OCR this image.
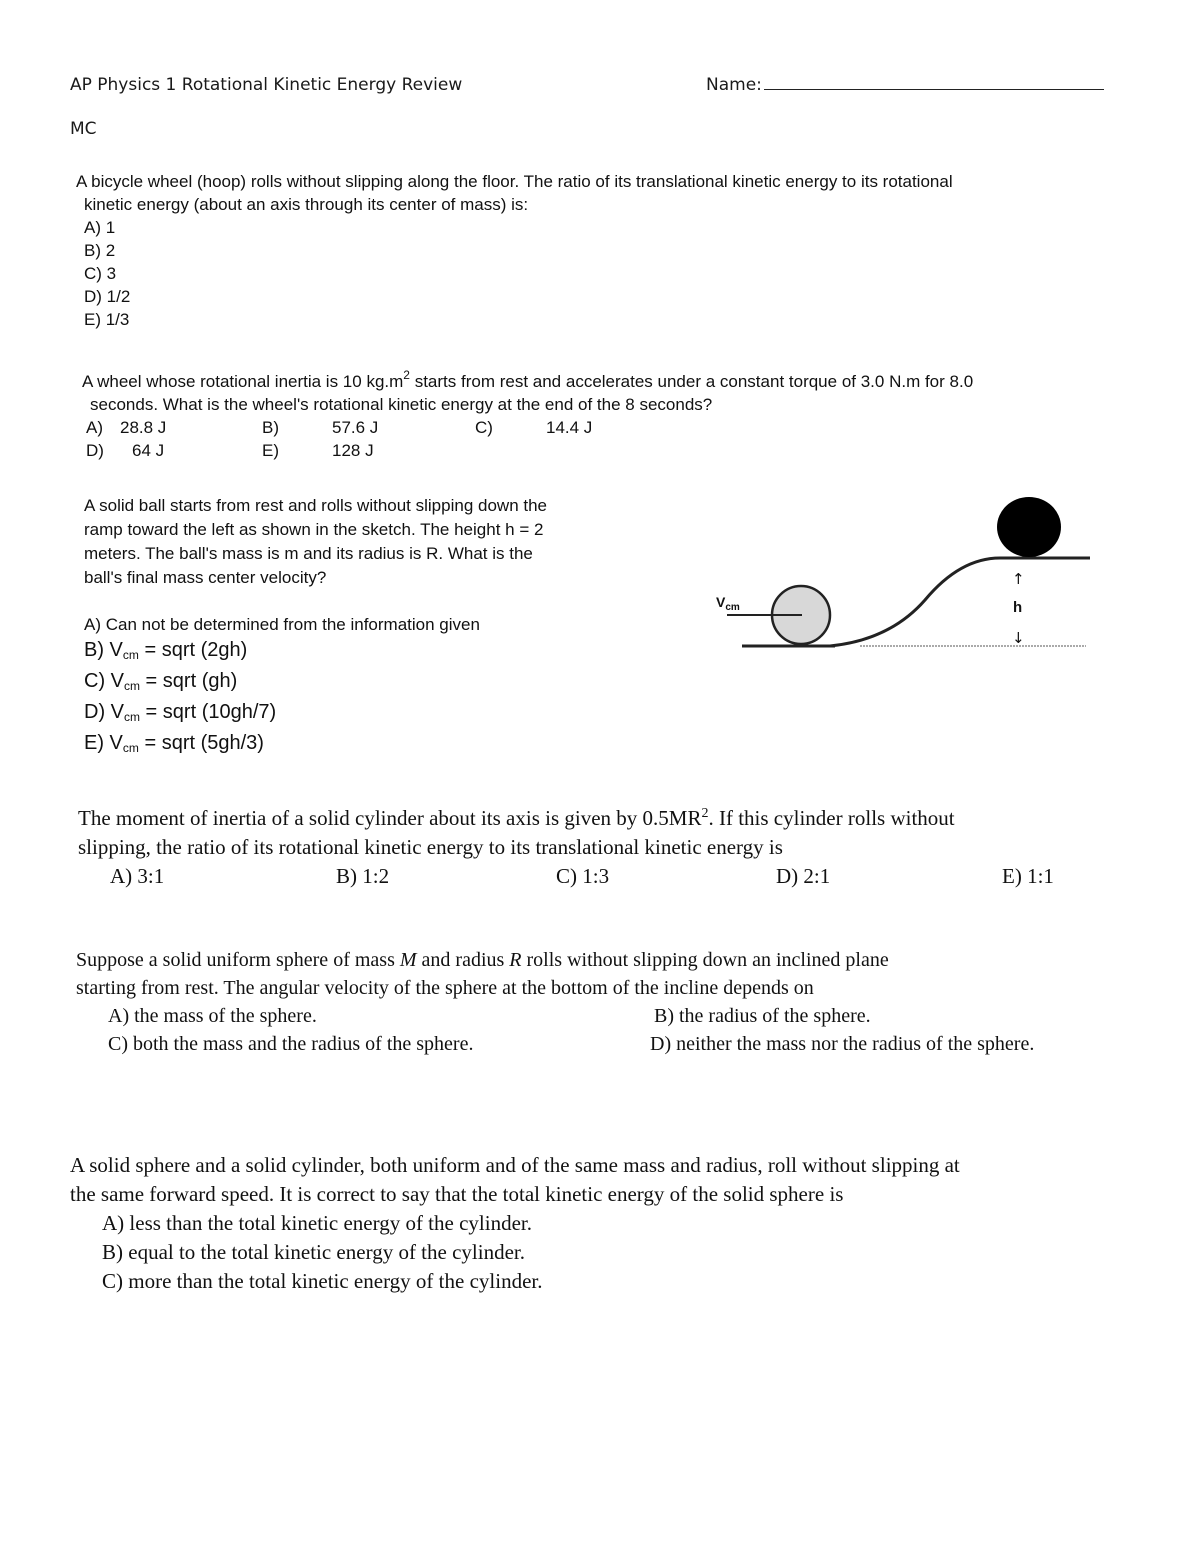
AP Physics 1 Rotational Kinetic Energy Review	Name:
MC
A bicycle wheel (hoop) rolls without slipping along the floor. The ratio of its translational kinetic energy to its rotational
kinetic energy (about an axis through its center of mass) is:
A) 1
B) 2
C) 3
D) 1/2
E) 1/3
A wheel whose rotational inertia is 10 $kg.m^2$ starts from rest and accelerates under a constant torque of 3.0 N.m for 8.0
seconds. What is the wheel's rotational kinetic energy at the end of the 8 seconds?
A) 28.8 J	B)	57.6 J	C)	14.4 J
D) 64 J	E)	128 J
A solid ball starts from rest and rolls without slipping down the
ramp toward the left as shown in the sketch. The height h = 2
meters. The ball's mass is m and its radius is R. What is the
ball's final mass center velocity?
A) Can not be determined from the information given
B) $V_{cm}$ = sqrt (2gh)
C) $V_{cm}$ = sqrt (gh)
D) $V_{cm}$ = sqrt (10gh/7)
E) $V_{cm}$ = sqrt (5gh/3)
$V_{cm}$
↑
h
↓
The moment of inertia of a solid cylinder about its axis is given by $0.5MR^2$. If this cylinder rolls without
slipping, the ratio of its rotational kinetic energy to its translational kinetic energy is
A) 3:1	B) 1:2	C) 1:3	D) 2:1	E) 1:1
Suppose a solid uniform sphere of mass M and radius R rolls without slipping down an inclined plane
starting from rest. The angular velocity of the sphere at the bottom of the incline depends on
A) the mass of the sphere.	B) the radius of the sphere.
C) both the mass and the radius of the sphere.	D) neither the mass nor the radius of the sphere.
A solid sphere and a solid cylinder, both uniform and of the same mass and radius, roll without slipping at
the same forward speed. It is correct to say that the total kinetic energy of the solid sphere is
A) less than the total kinetic energy of the cylinder.
B) equal to the total kinetic energy of the cylinder.
C) more than the total kinetic energy of the cylinder.
